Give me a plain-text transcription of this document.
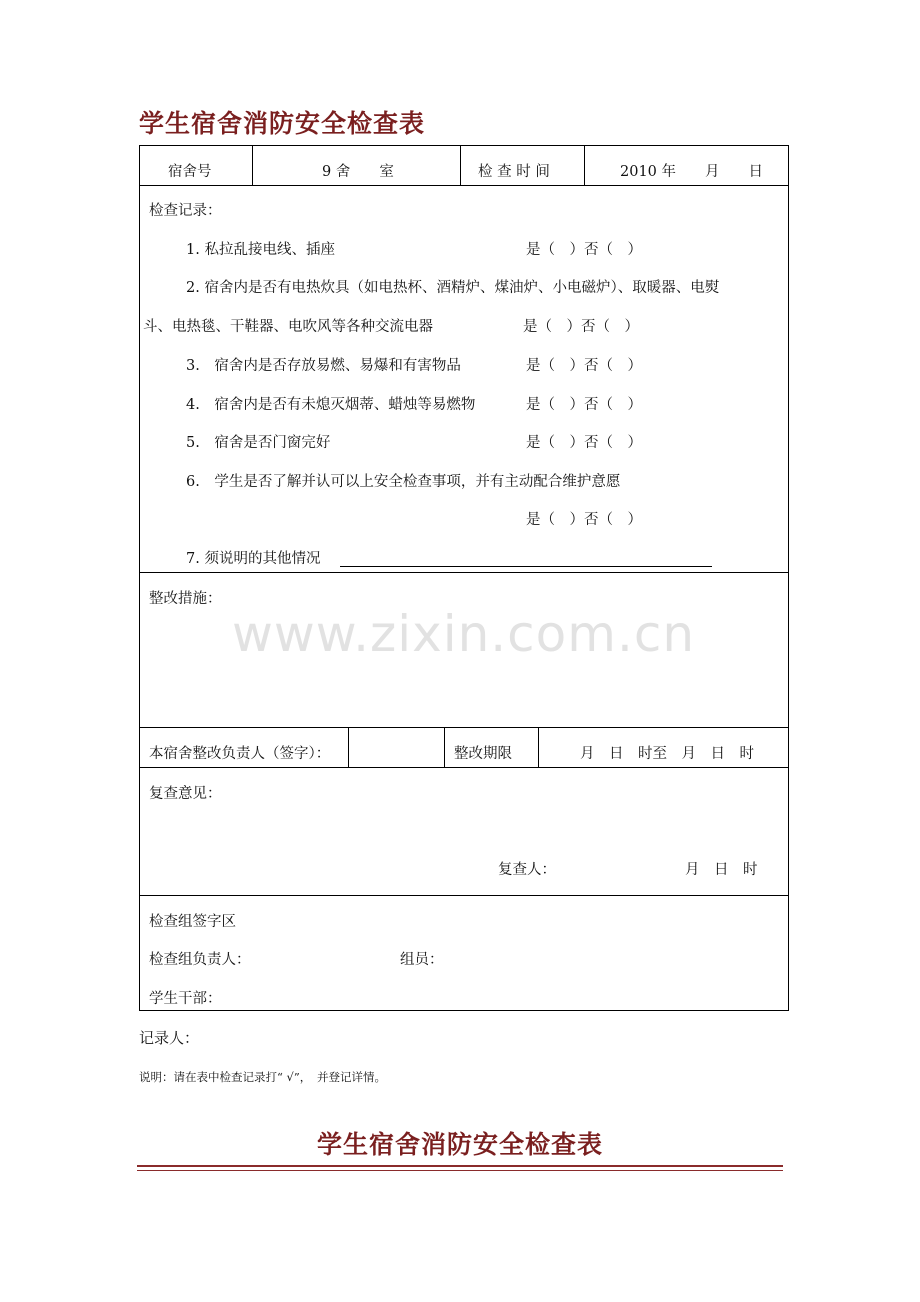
学生宿舍消防安全检查表
宿舍号	9 舍　　室	检 查 时 间	2010 年　　月　　日
检查记录：
1. 私拉乱接电线、插座	是（　）否（　）
2. 宿舍内是否有电热炊具（如电热杯、酒精炉、煤油炉、小电磁炉）、取暖器、电熨
斗、电热毯、干鞋器、电吹风等各种交流电器	是（　）否（　）
3.　宿舍内是否存放易燃、易爆和有害物品	是（　）否（　）
4.　宿舍内是否有未熄灭烟蒂、蜡烛等易燃物	是（　）否（　）
5.　宿舍是否门窗完好	是（　）否（　）
6.　学生是否了解并认可以上安全检查事项，并有主动配合维护意愿
是（　）否（　）
7. 须说明的其他情况
整改措施：
本宿舍整改负责人（签字）：	整改期限	月　日　时至　月　日　时
复查意见：
复查人：	月　日　时
检查组签字区
检查组负责人：	组员：
学生干部：
www.zixin.com.cn
记录人：
说明：请在表中检查记录打“ √”，　并登记详情。
学生宿舍消防安全检查表
